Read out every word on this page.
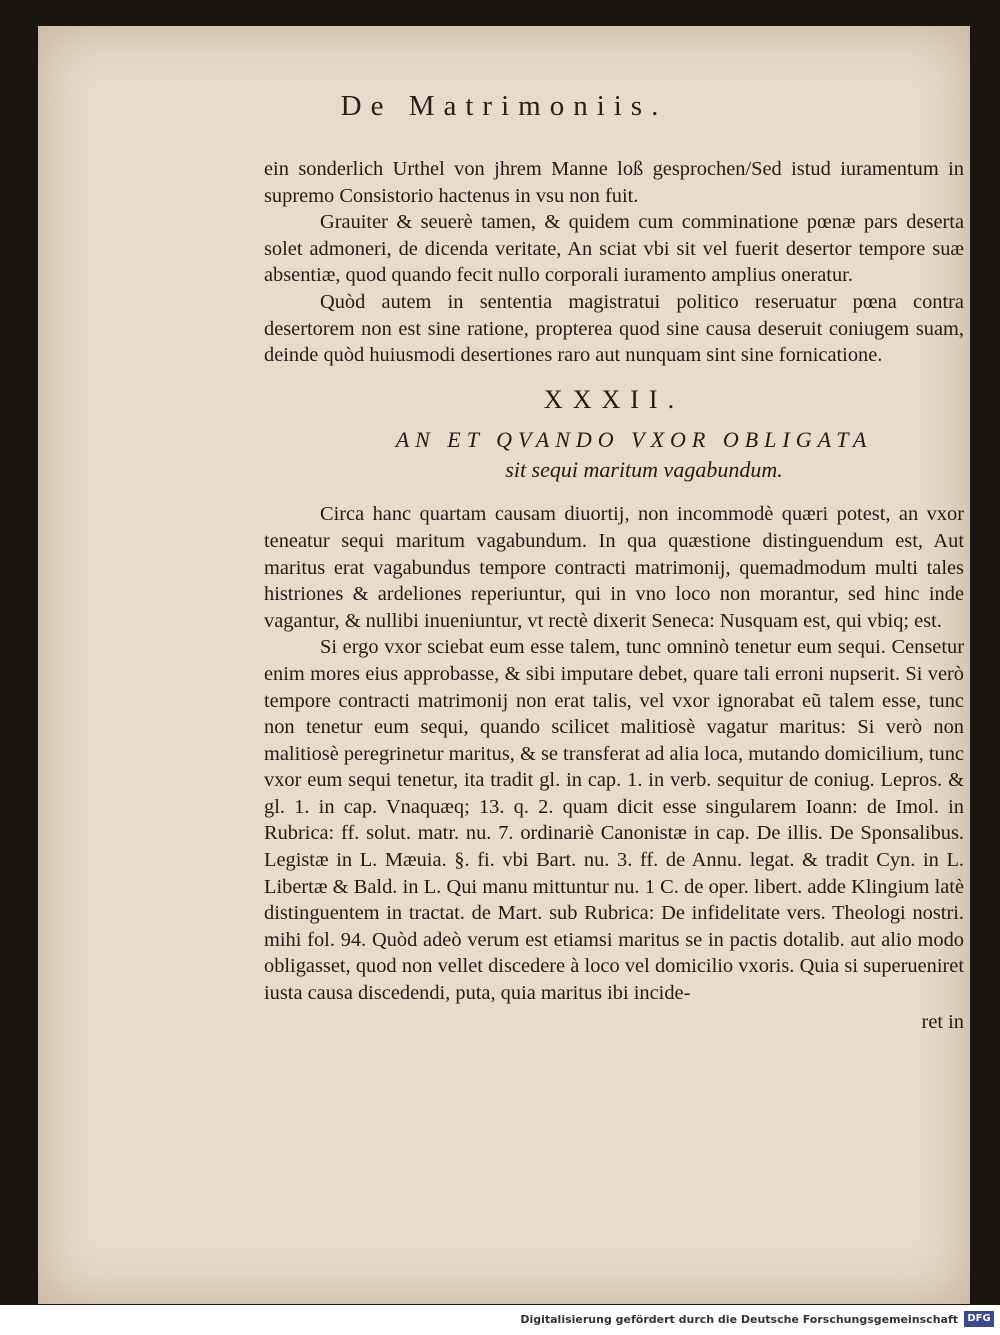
De Matrimoniis.

ein sonderlich Urthel von jhrem Manne loß gesprochen/Sed istud iuramentum in supremo Consistorio hactenus in vsu non fuit.

Grauiter & seuerè tamen, & quidem cum comminatione pœnæ pars deserta solet admoneri, de dicenda veritate, An sciat vbi sit vel fuerit desertor tempore suæ absentiæ, quod quando fecit nullo corporali iuramento amplius oneratur.

Quòd autem in sententia magistratui politico reseruatur pœna contra desertorem non est sine ratione, propterea quod sine causa deseruit coniugem suam, deinde quòd huiusmodi desertiones raro aut nunquam sint sine fornicatione.

XXXII.
AN ET QVANDO VXOR OBLIGATA
sit sequi maritum vagabundum.

Circa hanc quartam causam diuortij, non incommodè quæri potest, an vxor teneatur sequi maritum vagabundum. In qua quæstione distinguendum est, Aut maritus erat vagabundus tempore contracti matrimonij, quemadmodum multi tales histriones & ardeliones reperiuntur, qui in vno loco non morantur, sed hinc inde vagantur, & nullibi inueniuntur, vt rectè dixerit Seneca: Nusquam est, qui vbiq; est.

Si ergo vxor sciebat eum esse talem, tunc omninò tenetur eum sequi. Censetur enim mores eius approbasse, & sibi imputare debet, quare tali erroni nupserit. Si verò tempore contracti matrimonij non erat talis, vel vxor ignorabat eũ talem esse, tunc non tenetur eum sequi, quando scilicet malitiosè vagatur maritus: Si verò non malitiosè peregrinetur maritus, & se transferat ad alia loca, mutando domicilium, tunc vxor eum sequi tenetur, ita tradit gl. in cap. 1. in verb. sequitur de coniug. Lepros. & gl. 1. in cap. Vnaquæq; 13. q. 2. quam dicit esse singularem Ioann: de Imol. in Rubrica: ff. solut. matr. nu. 7. ordinariè Canonistæ in cap. De illis. De Sponsalibus. Legistæ in L. Mæuia. §. fi. vbi Bart. nu. 3. ff. de Annu. legat. & tradit Cyn. in L. Libertæ & Bald. in L. Qui manu mittuntur nu. 1 C. de oper. libert. adde Klingium latè distinguentem in tractat. de Mart. sub Rubrica: De infidelitate vers. Theologi nostri. mihi fol. 94. Quòd adeò verum est etiamsi maritus se in pactis dotalib. aut alio modo obligasset, quod non vellet discedere à loco vel domicilio vxoris. Quia si superueniret iusta causa discedendi, puta, quia maritus ibi incide-

ret in
Digitalisierung gefördert durch die Deutsche Forschungsgemeinschaft DFG
